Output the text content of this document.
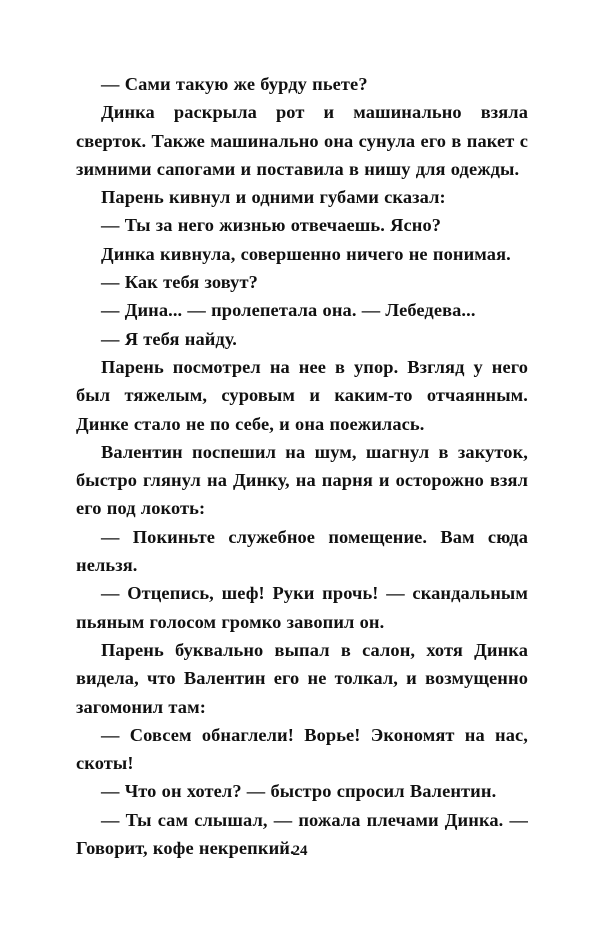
— Сами такую же бурду пьете?

Динка раскрыла рот и машинально взяла сверток. Также машинально она сунула его в пакет с зимними сапогами и поставила в нишу для одежды.

Парень кивнул и одними губами сказал:

— Ты за него жизнью отвечаешь. Ясно?

Динка кивнула, совершенно ничего не понимая.

— Как тебя зовут?

— Дина... — пролепетала она. — Лебедева...

— Я тебя найду.

Парень посмотрел на нее в упор. Взгляд у него был тяжелым, суровым и каким-то отчаянным. Динке стало не по себе, и она поежилась.

Валентин поспешил на шум, шагнул в закуток, быстро глянул на Динку, на парня и осторожно взял его под локоть:

— Покиньте служебное помещение. Вам сюда нельзя.

— Отцепись, шеф! Руки прочь! — скандальным пьяным голосом громко завопил он.

Парень буквально выпал в салон, хотя Динка видела, что Валентин его не толкал, и возмущенно загомонил там:

— Совсем обнаглели! Ворье! Экономят на нас, скоты!

— Что он хотел? — быстро спросил Валентин.

— Ты сам слышал, — пожала плечами Динка. — Говорит, кофе некрепкий.

24
